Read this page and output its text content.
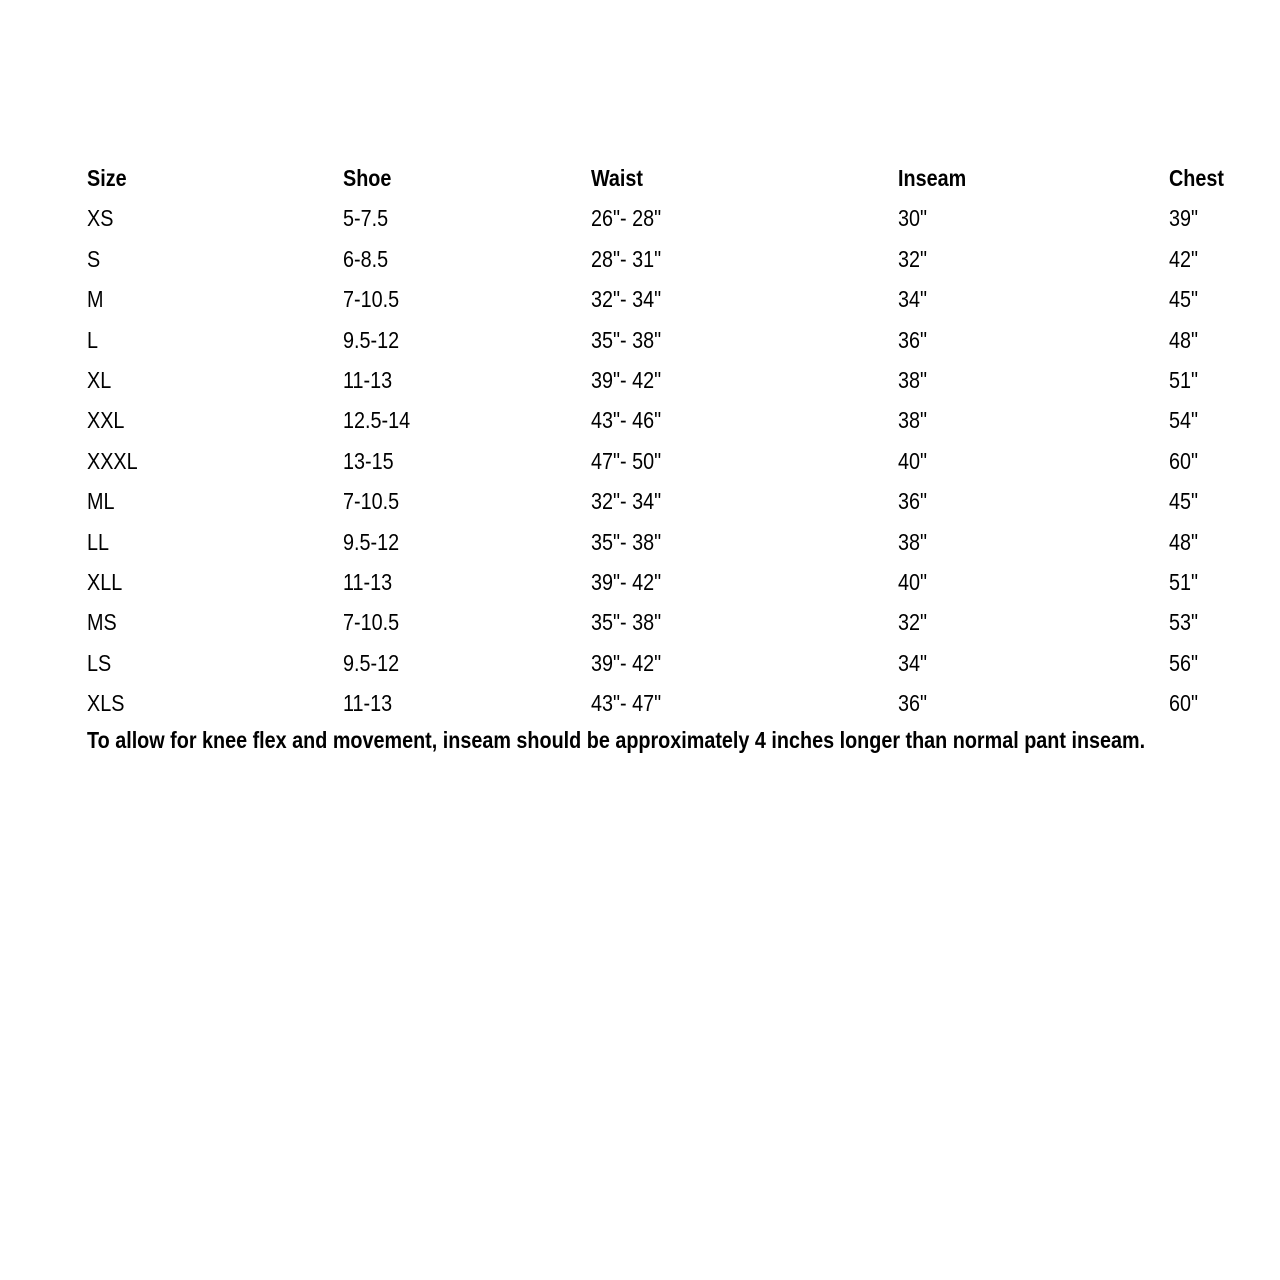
Size	Shoe	Waist	Inseam	Chest
XS	5-7.5	26"- 28"	30"	39"
S	6-8.5	28"- 31"	32"	42"
M	7-10.5	32"- 34"	34"	45"
L	9.5-12	35"- 38"	36"	48"
XL	11-13	39"- 42"	38"	51"
XXL	12.5-14	43"- 46"	38"	54"
XXXL	13-15	47"- 50"	40"	60"
ML	7-10.5	32"- 34"	36"	45"
LL	9.5-12	35"- 38"	38"	48"
XLL	11-13	39"- 42"	40"	51"
MS	7-10.5	35"- 38"	32"	53"
LS	9.5-12	39"- 42"	34"	56"
XLS	11-13	43"- 47"	36"	60"
To allow for knee flex and movement, inseam should be approximately 4 inches longer than normal pant inseam.
